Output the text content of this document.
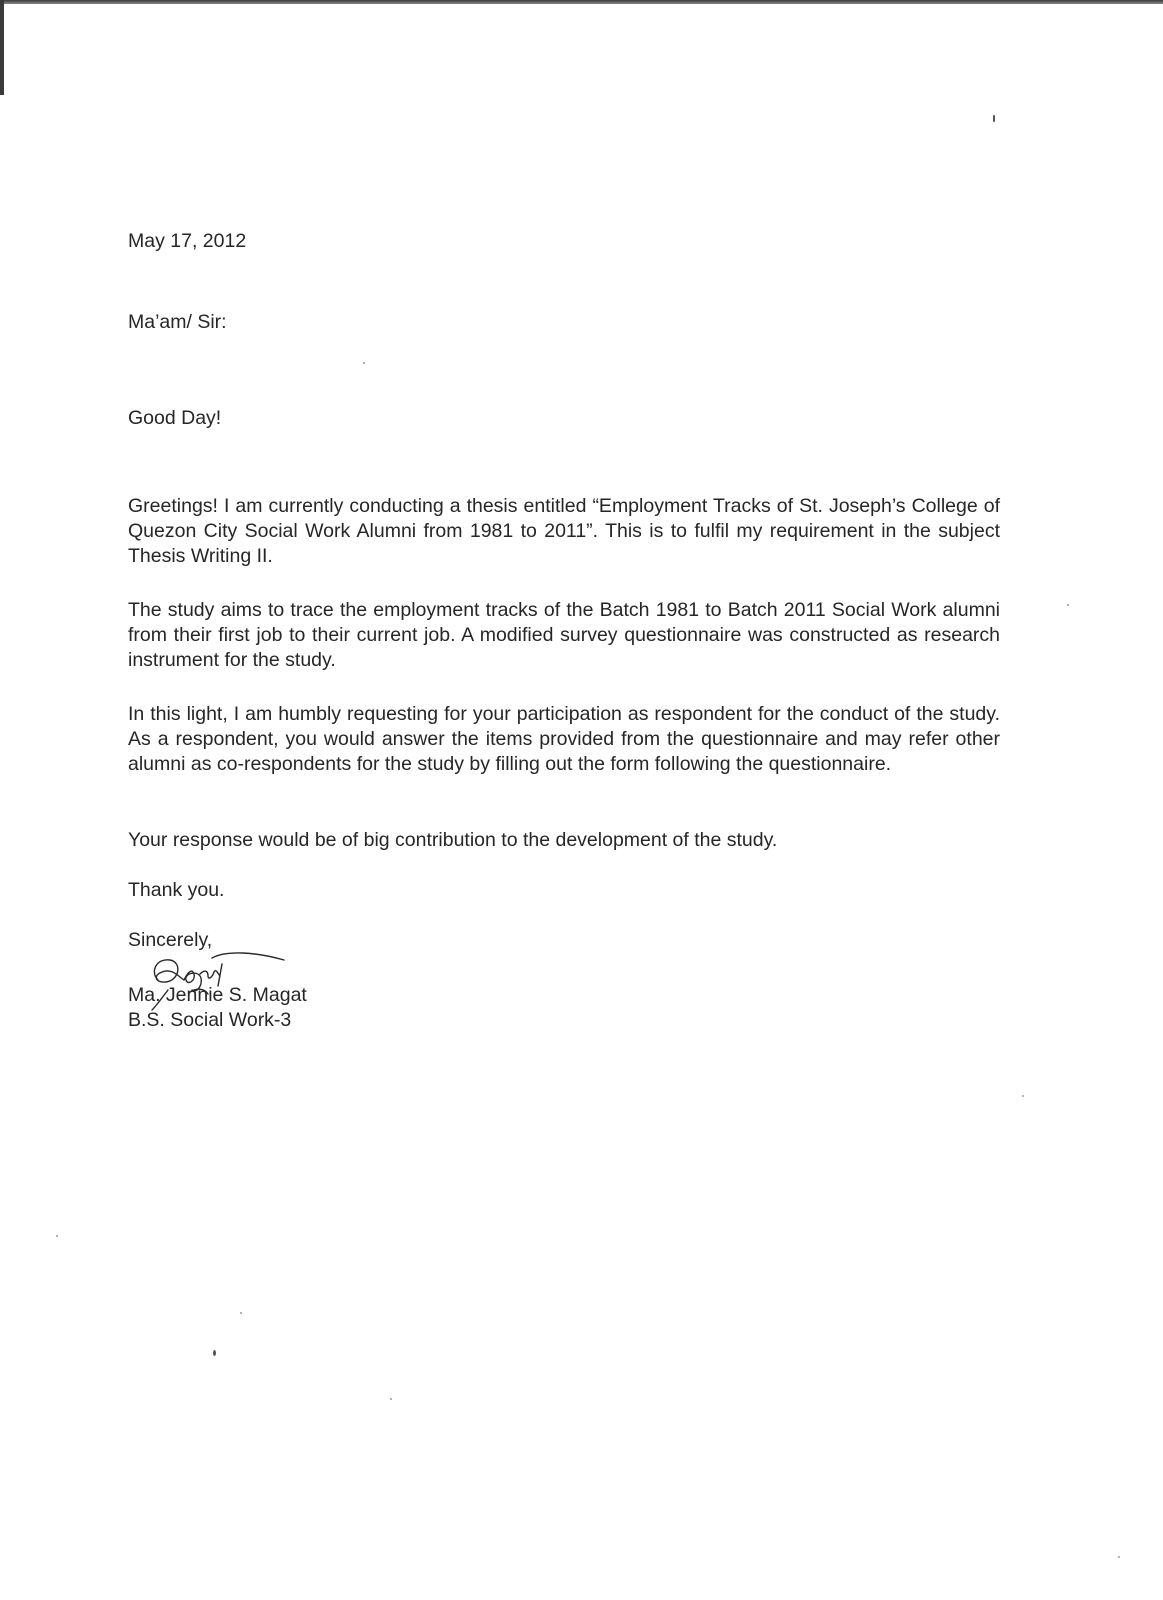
May 17, 2012
Ma’am/ Sir:
Good Day!

Greetings! I am currently conducting a thesis entitled “Employment Tracks of St. Joseph’s College of Quezon City Social Work Alumni from 1981 to 2011”. This is to fulfil my requirement in the subject Thesis Writing II.

The study aims to trace the employment tracks of the Batch 1981 to Batch 2011 Social Work alumni from their first job to their current job. A modified survey questionnaire was constructed as research instrument for the study.

In this light, I am humbly requesting for your participation as respondent for the conduct of the study. As a respondent, you would answer the items provided from the questionnaire and may refer other alumni as co-respondents for the study by filling out the form following the questionnaire.

Your response would be of big contribution to the development of the study.

Thank you.
Sincerely,
Ma. Jennie S. Magat
B.S. Social Work-3
